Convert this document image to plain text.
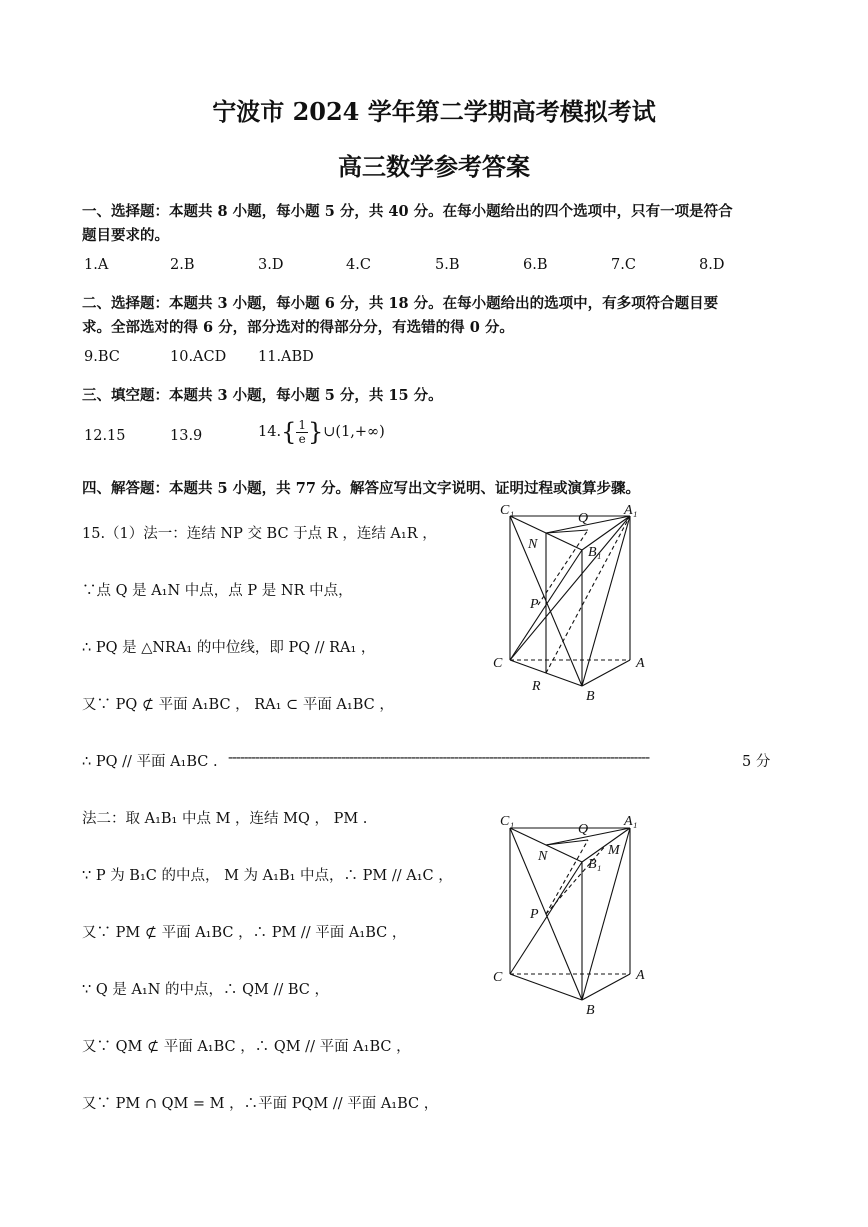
宁波市 2024 学年第二学期高考模拟考试
高三数学参考答案
一、选择题：本题共 8 小题，每小题 5 分，共 40 分。在每小题给出的四个选项中，只有一项是符合
题目要求的。
1.A	2.B	3.D	4.C	5.B	6.B	7.C	8.D
二、选择题：本题共 3 小题，每小题 6 分，共 18 分。在每小题给出的选项中，有多项符合题目要
求。全部选对的得 6 分，部分选对的得部分分，有选错的得 0 分。
9.BC	10.ACD 11.ABD
三、填空题：本题共 3 小题，每小题 5 分，共 15 分。
12.15	13.9	$14.\{ \frac{1}{e}$ }∪(1,+∞)
四、解答题：本题共 5 小题，共 77 分。解答应写出文字说明、证明过程或演算步骤。
15.（1）法一：连结 NP 交 BC 于点 R ，连结 A₁R ，
∵点 Q 是 A₁N 中点，点 P 是 NR 中点，
∴ PQ 是 △NRA₁ 的中位线，即 PQ // RA₁ ，
又∵ PQ ⊄ 平面 A₁BC ， RA₁ ⊂ 平面 A₁BC ，
∴ PQ // 平面 A₁BC . ------------------------------------------------------------------------------------------------------------	5 分
法二：取 A₁B₁ 中点 M ，连结 MQ ， PM .
∵ P 为 B₁C 的中点， M 为 A₁B₁ 中点，∴ PM // A₁C ，
又∵ PM ⊄ 平面 A₁BC ，∴ PM // 平面 A₁BC ，
∵ Q 是 A₁N 的中点，∴ QM // BC ，
又∵ QM ⊄ 平面 A₁BC ，∴ QM // 平面 A₁BC ，
又∵ PM ∩ QM = M ，∴平面 PQM // 平面 A₁BC ，
C₁
Q
A₁
N
B₁
P
C	A
R
B
C₁
Q
A₁
N
B₁
M
P
C	A
B
